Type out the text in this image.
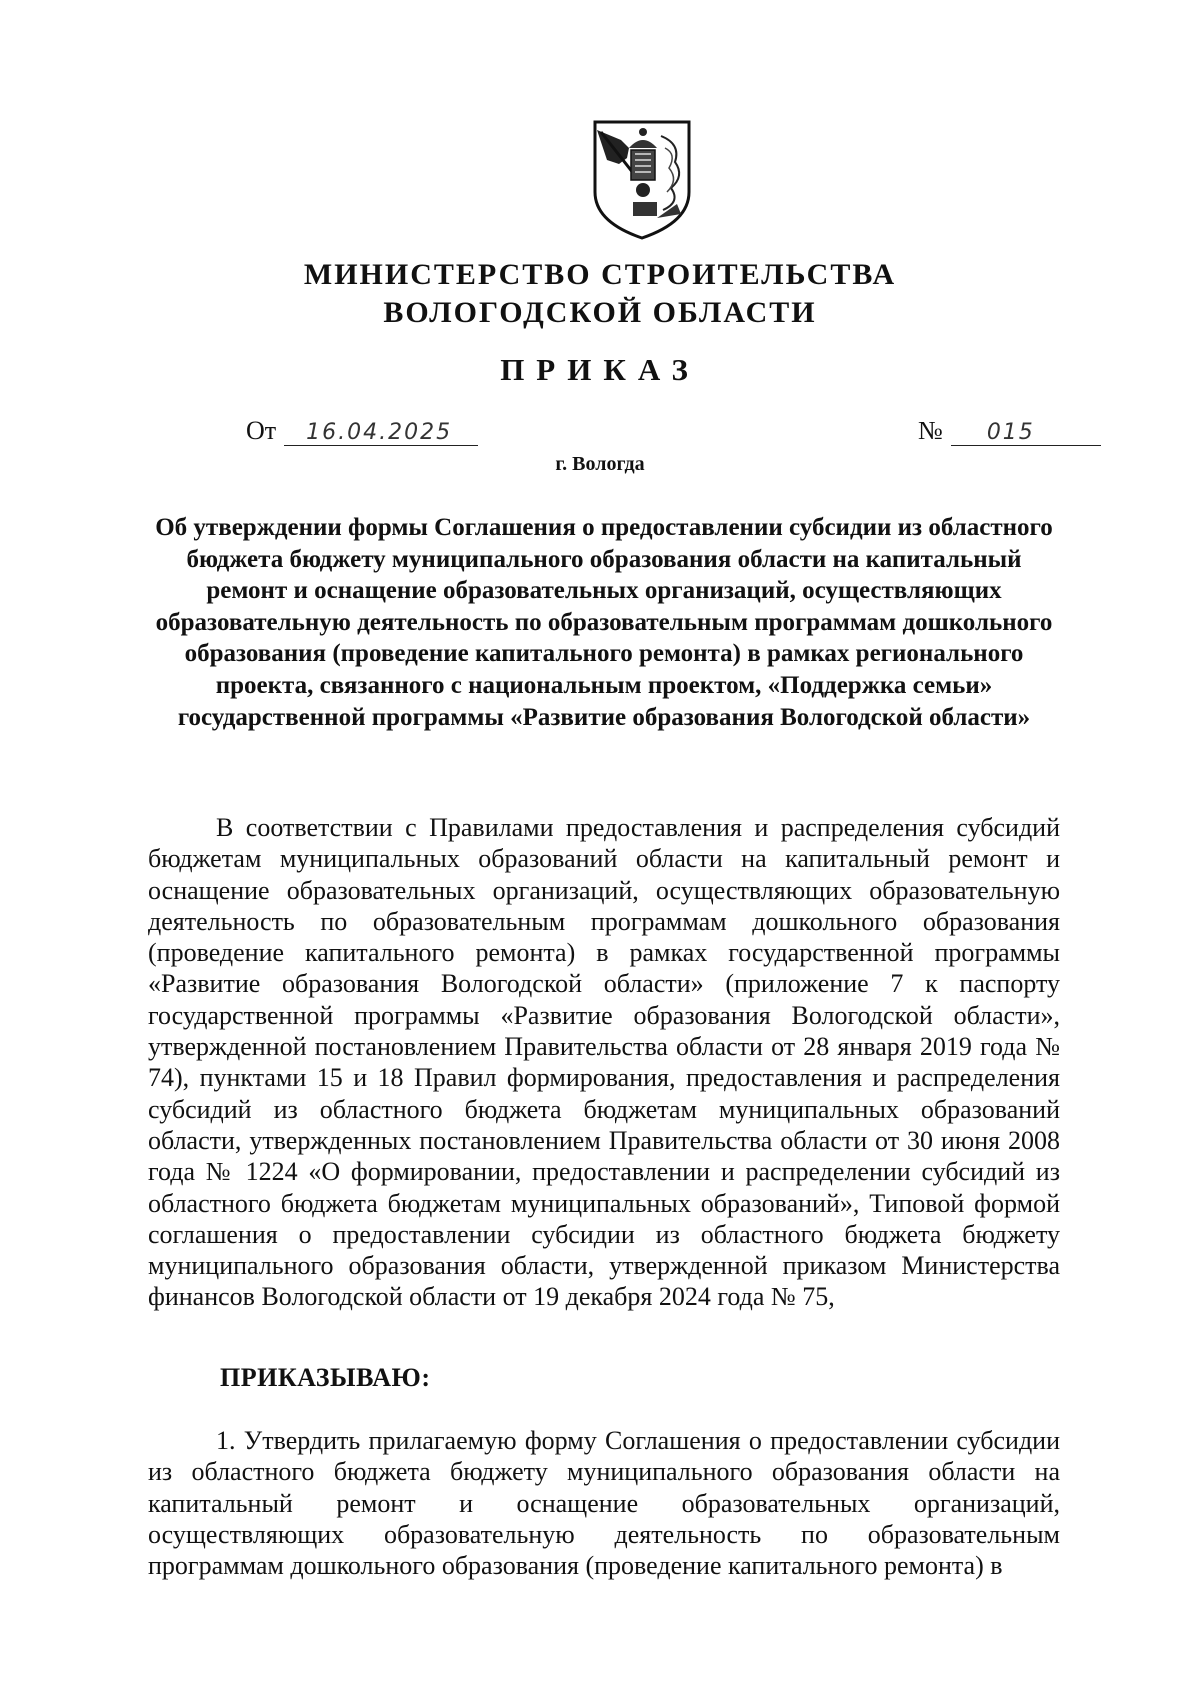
МИНИСТЕРСТВО СТРОИТЕЛЬСТВА
ВОЛОГОДСКОЙ ОБЛАСТИ
ПРИКАЗ
От 16.04.2025	№ 015
г. Вологда
Об утверждении формы Соглашения о предоставлении субсидии из областного бюджета бюджету муниципального образования области на капитальный ремонт и оснащение образовательных организаций, осуществляющих образовательную деятельность по образовательным программам дошкольного образования (проведение капитального ремонта) в рамках регионального проекта, связанного с национальным проектом, «Поддержка семьи» государственной программы «Развитие образования Вологодской области»

В соответствии с Правилами предоставления и распределения субсидий бюджетам муниципальных образований области на капитальный ремонт и оснащение образовательных организаций, осуществляющих образовательную деятельность по образовательным программам дошкольного образования (проведение капитального ремонта) в рамках государственной программы «Развитие образования Вологодской области» (приложение 7 к паспорту государственной программы «Развитие образования Вологодской области», утвержденной постановлением Правительства области от 28 января 2019 года № 74), пунктами 15 и 18 Правил формирования, предоставления и распределения субсидий из областного бюджета бюджетам муниципальных образований области, утвержденных постановлением Правительства области от 30 июня 2008 года № 1224 «О формировании, предоставлении и распределении субсидий из областного бюджета бюджетам муниципальных образований», Типовой формой соглашения о предоставлении субсидии из областного бюджета бюджету муниципального образования области, утвержденной приказом Министерства финансов Вологодской области от 19 декабря 2024 года № 75,

ПРИКАЗЫВАЮ:

1. Утвердить прилагаемую форму Соглашения о предоставлении субсидии из областного бюджета бюджету муниципального образования области на капитальный ремонт и оснащение образовательных организаций, осуществляющих образовательную деятельность по образовательным программам дошкольного образования (проведение капитального ремонта) в
